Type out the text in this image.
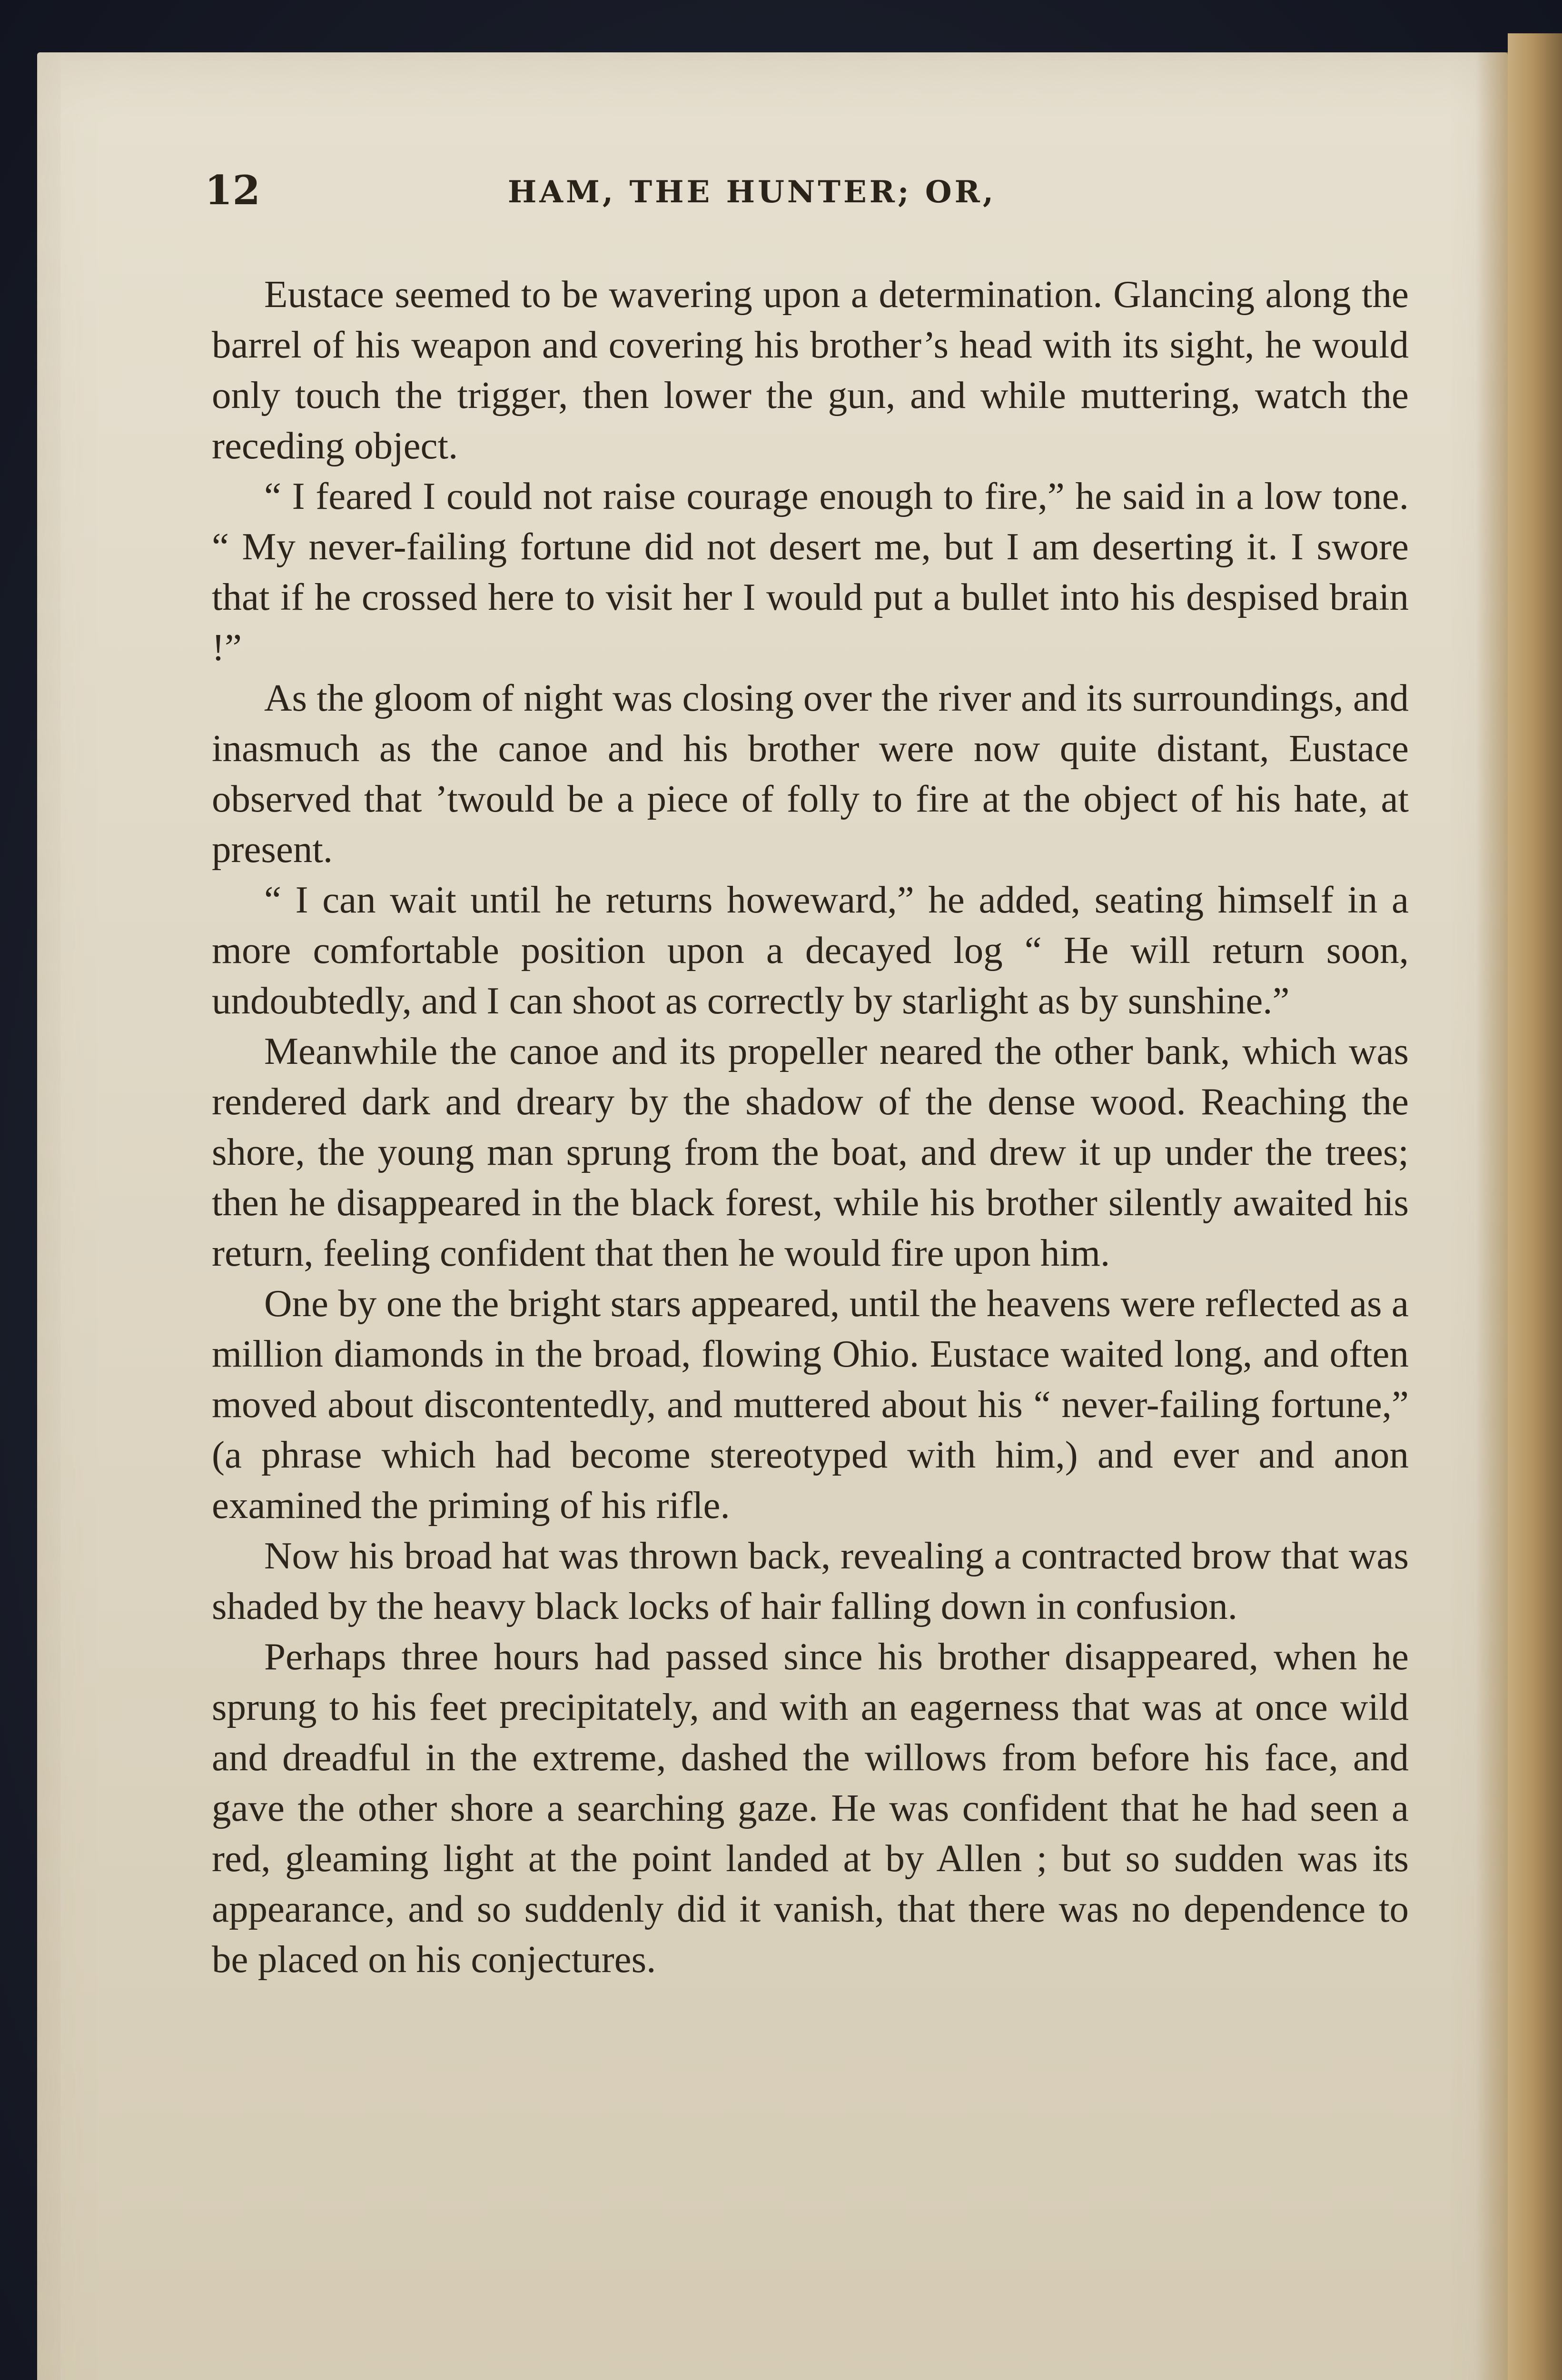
12	HAM, THE HUNTER; OR,

Eustace seemed to be wavering upon a determination. Glancing along the barrel of his weapon and covering his brother’s head with its sight, he would only touch the trigger, then lower the gun, and while muttering, watch the receding object.

“ I feared I could not raise courage enough to fire,” he said in a low tone. “ My never-failing fortune did not desert me, but I am deserting it. I swore that if he crossed here to visit her I would put a bullet into his despised brain !”

As the gloom of night was closing over the river and its surroundings, and inasmuch as the canoe and his brother were now quite distant, Eustace observed that ’twould be a piece of folly to fire at the object of his hate, at present.

“ I can wait until he returns howeward,” he added, seating himself in a more comfortable position upon a decayed log “ He will return soon, undoubtedly, and I can shoot as correctly by starlight as by sunshine.”

Meanwhile the canoe and its propeller neared the other bank, which was rendered dark and dreary by the shadow of the dense wood. Reaching the shore, the young man sprung from the boat, and drew it up under the trees; then he disappeared in the black forest, while his brother silently awaited his return, feeling confident that then he would fire upon him.

One by one the bright stars appeared, until the heavens were reflected as a million diamonds in the broad, flowing Ohio. Eustace waited long, and often moved about discontentedly, and muttered about his “ never-failing fortune,” (a phrase which had become stereotyped with him,) and ever and anon examined the priming of his rifle.

Now his broad hat was thrown back, revealing a contracted brow that was shaded by the heavy black locks of hair falling down in confusion.

Perhaps three hours had passed since his brother disappeared, when he sprung to his feet precipitately, and with an eagerness that was at once wild and dreadful in the extreme, dashed the willows from before his face, and gave the other shore a searching gaze. He was confident that he had seen a red, gleaming light at the point landed at by Allen ; but so sudden was its appearance, and so suddenly did it vanish, that there was no dependence to be placed on his conjectures.
